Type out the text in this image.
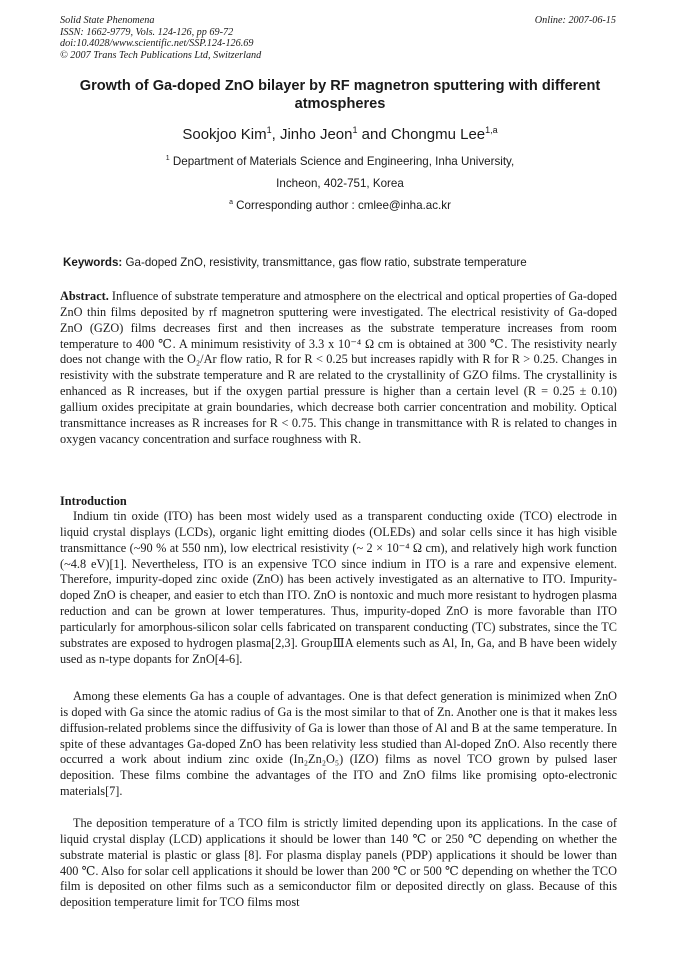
Solid State Phenomena
ISSN: 1662-9779, Vols. 124-126, pp 69-72
doi:10.4028/www.scientific.net/SSP.124-126.69
© 2007 Trans Tech Publications Ltd, Switzerland
Online: 2007-06-15
Growth of Ga-doped ZnO bilayer by RF magnetron sputtering with different atmospheres
Sookjoo Kim$^1$, Jinho Jeon$^1$ and Chongmu Lee$^{1,a}$
$^1$ Department of Materials Science and Engineering, Inha University,
Incheon, 402-751, Korea
$^a$ Corresponding author : cmlee@inha.ac.kr
Keywords: Ga-doped ZnO, resistivity, transmittance, gas flow ratio, substrate temperature

Abstract. Influence of substrate temperature and atmosphere on the electrical and optical properties of Ga-doped ZnO thin films deposited by rf magnetron sputtering were investigated. The electrical resistivity of Ga-doped ZnO (GZO) films decreases first and then increases as the substrate temperature increases from room temperature to 400 ℃. A minimum resistivity of 3.3 x 10⁻⁴ Ω cm is obtained at 300 ℃. The resistivity nearly does not change with the O₂/Ar flow ratio, R for R < 0.25 but increases rapidly with R for R > 0.25. Changes in resistivity with the substrate temperature and R are related to the crystallinity of GZO films. The crystallinity is enhanced as R increases, but if the oxygen partial pressure is higher than a certain level (R = 0.25 ± 0.10) gallium oxides precipitate at grain boundaries, which decrease both carrier concentration and mobility. Optical transmittance increases as R increases for R < 0.75. This change in transmittance with R is related to changes in oxygen vacancy concentration and surface roughness with R.

Introduction

Indium tin oxide (ITO) has been most widely used as a transparent conducting oxide (TCO) electrode in liquid crystal displays (LCDs), organic light emitting diodes (OLEDs) and solar cells since it has high visible transmittance (~90 % at 550 nm), low electrical resistivity (~ 2 × 10⁻⁴ Ω cm), and relatively high work function (~4.8 eV)[1]. Nevertheless, ITO is an expensive TCO since indium in ITO is a rare and expensive element. Therefore, impurity-doped zinc oxide (ZnO) has been actively investigated as an alternative to ITO. Impurity-doped ZnO is cheaper, and easier to etch than ITO. ZnO is nontoxic and much more resistant to hydrogen plasma reduction and can be grown at lower temperatures. Thus, impurity-doped ZnO is more favorable than ITO particularly for amorphous-silicon solar cells fabricated on transparent conducting (TC) substrates, since the TC substrates are exposed to hydrogen plasma[2,3]. GroupⅢA elements such as Al, In, Ga, and B have been widely used as n-type dopants for ZnO[4-6].

Among these elements Ga has a couple of advantages. One is that defect generation is minimized when ZnO is doped with Ga since the atomic radius of Ga is the most similar to that of Zn. Another one is that it makes less diffusion-related problems since the diffusivity of Ga is lower than those of Al and B at the same temperature. In spite of these advantages Ga-doped ZnO has been relativity less studied than Al-doped ZnO. Also recently there occurred a work about indium zinc oxide (In₂Zn₂O₅) (IZO) films as novel TCO grown by pulsed laser deposition. These films combine the advantages of the ITO and ZnO films like promising opto-electronic materials[7].

The deposition temperature of a TCO film is strictly limited depending upon its applications. In the case of liquid crystal display (LCD) applications it should be lower than 140 ℃ or 250 ℃ depending on whether the substrate material is plastic or glass [8]. For plasma display panels (PDP) applications it should be lower than 400 ℃. Also for solar cell applications it should be lower than 200 ℃ or 500 ℃ depending on whether the TCO film is deposited on other films such as a semiconductor film or deposited directly on glass. Because of this deposition temperature limit for TCO films most
